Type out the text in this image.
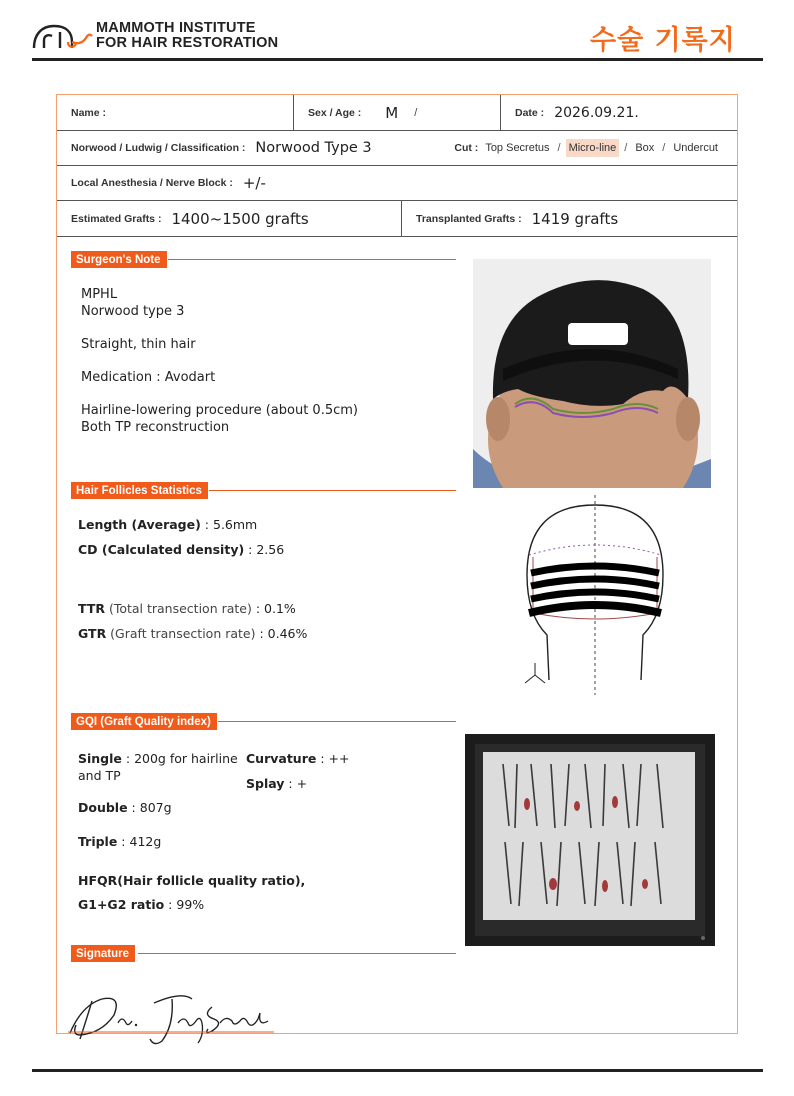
MAMMOTH INSTITUTE
FOR HAIR RESTORATION	수술 기록지
Name :	Sex / Age : M /	Date : 2026.09.21.
Norwood / Ludwig / Classification : Norwood Type 3	Cut : Top Secretus / Micro-line / Box / Undercut
Local Anesthesia / Nerve Block : +/-
Estimated Grafts : 1400~1500 grafts	Transplanted Grafts : 1419 grafts
Surgeon's Note
MPHL
Norwood type 3
Straight, thin hair
Medication : Avodart
Hairline-lowering procedure (about 0.5cm)
Both TP reconstruction
Hair Follicles Statistics
Length (Average) : 5.6mm
CD (Calculated density) : 2.56
TTR (Total transection rate) : 0.1%
GTR (Graft transection rate) : 0.46%
GQI (Graft Quality index)
Single : 200g for hairline
and TP
Curvature : ++
Splay : +
Double : 807g
Triple : 412g
HFQR(Hair follicle quality ratio),
G1+G2 ratio : 99%
Signature
